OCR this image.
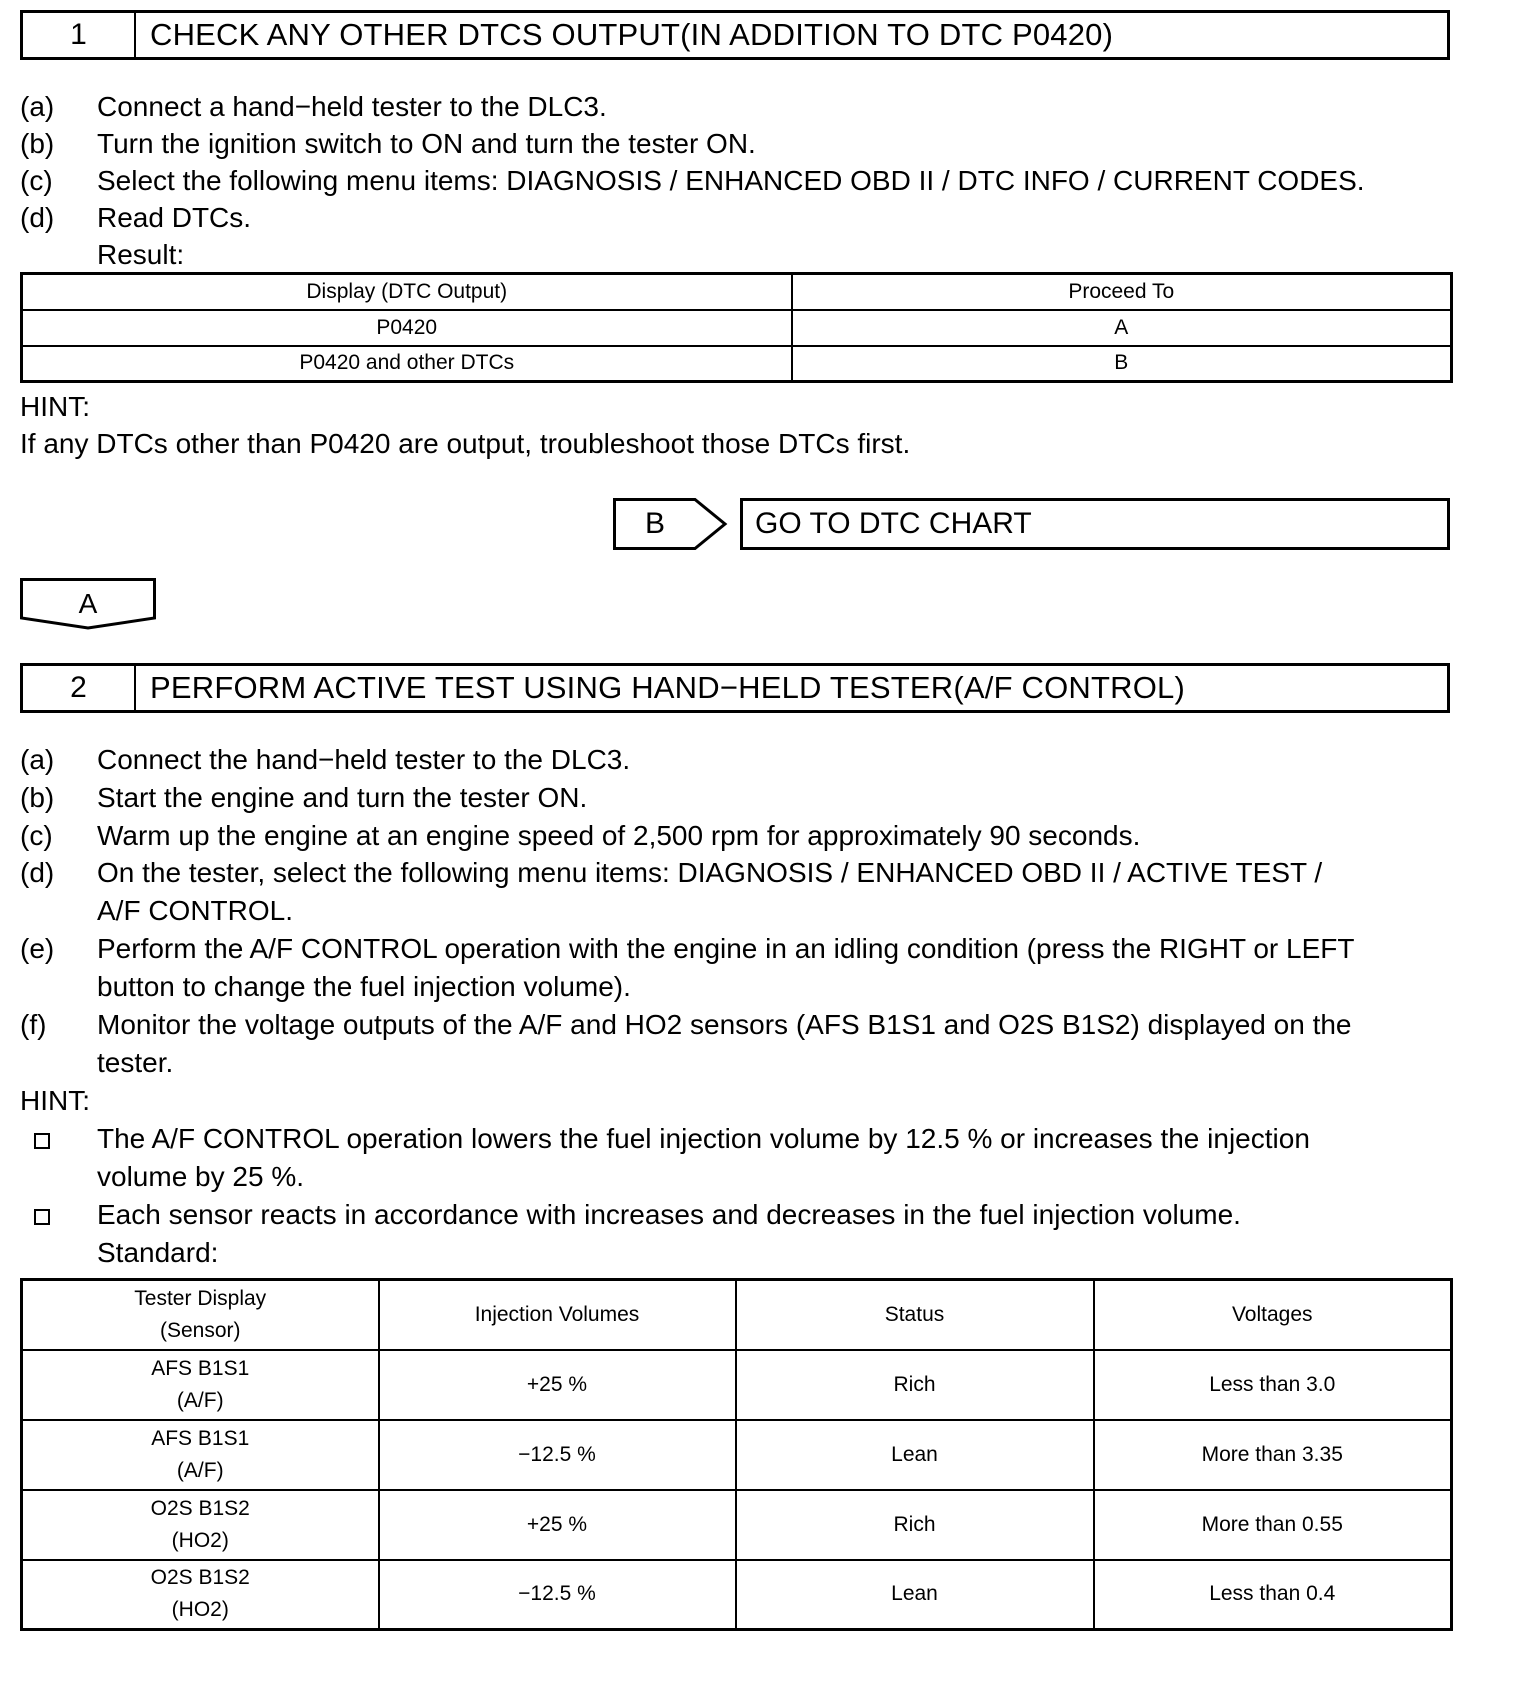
1	CHECK ANY OTHER DTCS OUTPUT(IN ADDITION TO DTC P0420)
(a)	Connect a hand−held tester to the DLC3.
(b)	Turn the ignition switch to ON and turn the tester ON.
(c)	Select the following menu items: DIAGNOSIS / ENHANCED OBD II / DTC INFO / CURRENT CODES.
(d)	Read DTCs.
Result:
Display (DTC Output)	Proceed To
P0420	A
P0420 and other DTCs	B
HINT:
If any DTCs other than P0420 are output, troubleshoot those DTCs first.
B	GO TO DTC CHART
A
2	PERFORM ACTIVE TEST USING HAND−HELD TESTER(A/F CONTROL)
(a)	Connect the hand−held tester to the DLC3.
(b)	Start the engine and turn the tester ON.
(c)	Warm up the engine at an engine speed of 2,500 rpm for approximately 90 seconds.
(d)	On the tester, select the following menu items: DIAGNOSIS / ENHANCED OBD II / ACTIVE TEST /
A/F CONTROL.
(e)	Perform the A/F CONTROL operation with the engine in an idling condition (press the RIGHT or LEFT
button to change the fuel injection volume).
(f)	Monitor the voltage outputs of the A/F and HO2 sensors (AFS B1S1 and O2S B1S2) displayed on the
tester.
HINT:
The A/F CONTROL operation lowers the fuel injection volume by 12.5 % or increases the injection
volume by 25 %.
Each sensor reacts in accordance with increases and decreases in the fuel injection volume.
Standard:
Tester Display
(Sensor)	Injection Volumes	Status	Voltages

AFS B1S1
(A/F)	+25 %	Rich	Less than 3.0

AFS B1S1
(A/F)	−12.5 %	Lean	More than 3.35

O2S B1S2
(HO2)	+25 %	Rich	More than 0.55

O2S B1S2
(HO2)	−12.5 %	Lean	Less than 0.4
